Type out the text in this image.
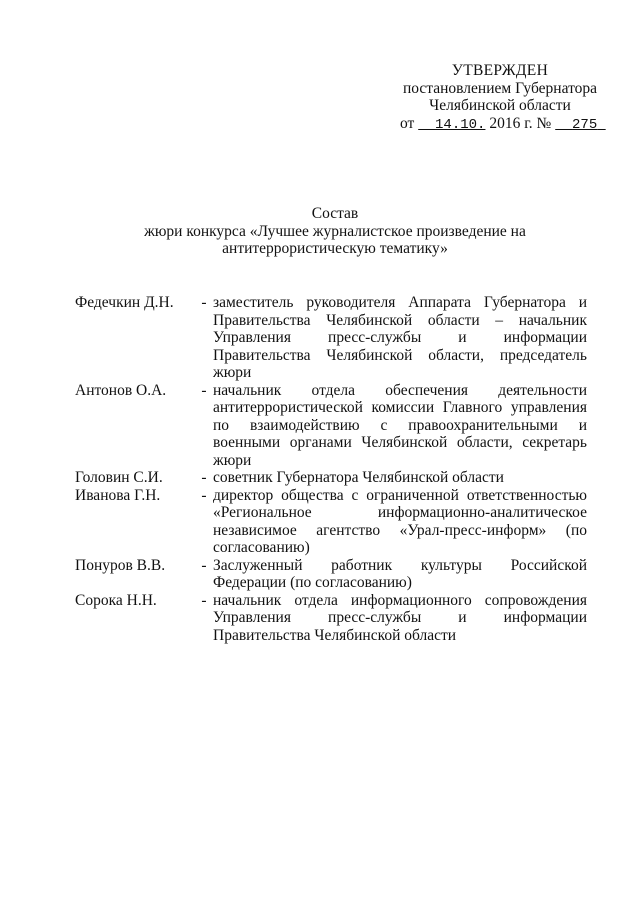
УТВЕРЖДЕН
постановлением Губернатора
Челябинской области
от 14.10. 2016 г. № 275
Состав
жюри конкурса «Лучшее журналистское произведение на
антитеррористическую тематику»
Федечкин Д.Н.	- заместитель руководителя Аппарата Губернатора и Правительства Челябинской области – начальник Управления пресс-службы и информации Правительства Челябинской области, председатель жюри
Антонов О.А.	- начальник отдела обеспечения деятельности антитеррористической комиссии Главного управления по взаимодействию с правоохранительными и военными органами Челябинской области, секретарь жюри
Головин С.И.	- советник Губернатора Челябинской области
Иванова Г.Н.	- директор общества с ограниченной ответственностью «Региональное информационно-аналитическое независимое агентство «Урал-пресс-информ» (по согласованию)
Понуров В.В.	- Заслуженный работник культуры Российской Федерации (по согласованию)
Сорока Н.Н.	- начальник отдела информационного сопровождения Управления пресс-службы и информации Правительства Челябинской области
